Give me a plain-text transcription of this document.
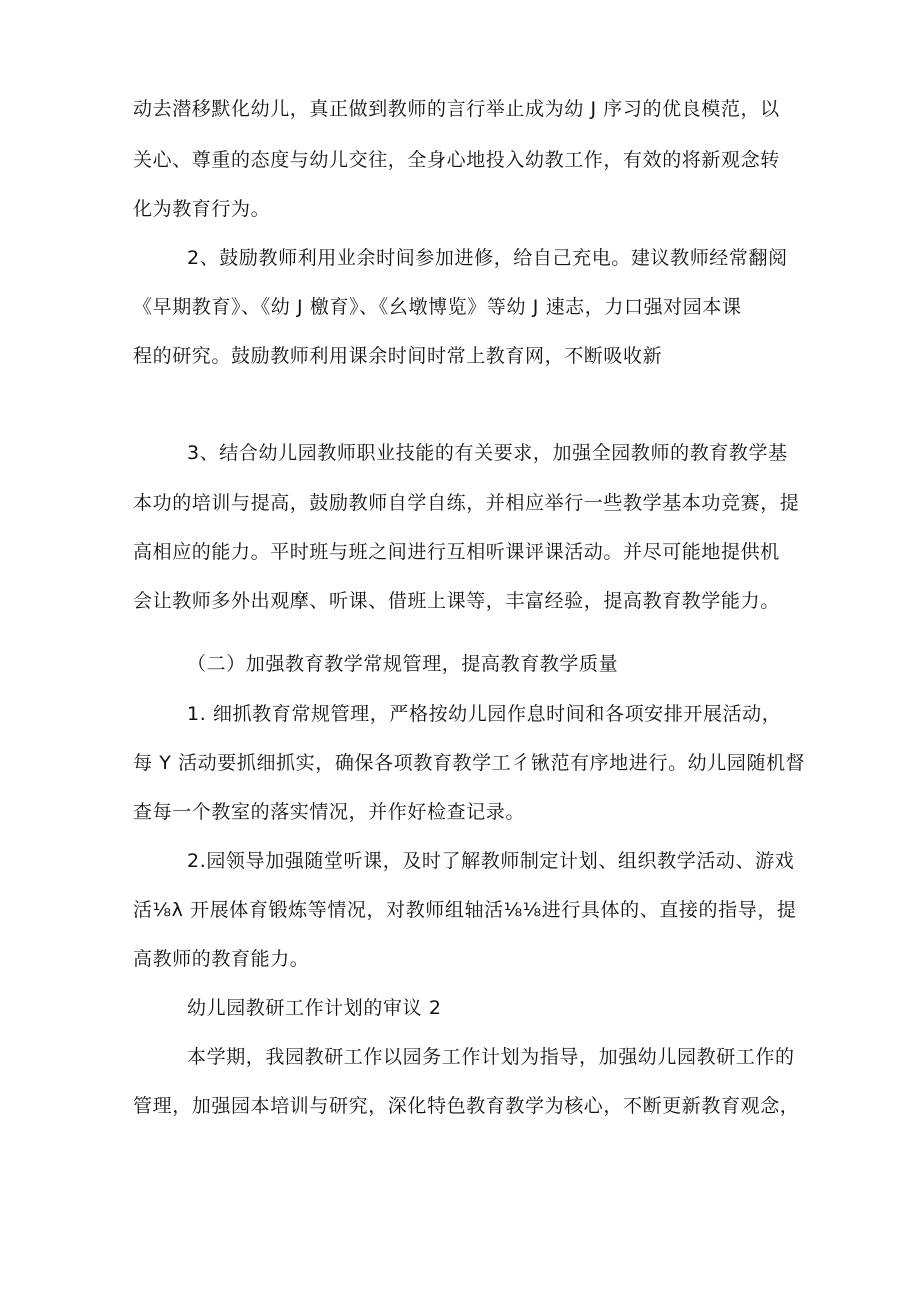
动去潜移默化幼儿，真正做到教师的言行举止成为幼 J 序习的优良模范，以
关心、尊重的态度与幼儿交往，全身心地投入幼教工作，有效的将新观念转
化为教育行为。
2、鼓励教师利用业余时间参加进修，给自己充电。建议教师经常翻阅
《早期教育》、《幼 J 檄育》、《幺墩博览》等幼 J 速志，力口强对园本课
程的研究。鼓励教师利用课余时间时常上教育网，不断吸收新
3、结合幼儿园教师职业技能的有关要求，加强全园教师的教育教学基
本功的培训与提高，鼓励教师自学自练，并相应举行一些教学基本功竞赛，提
高相应的能力。平时班与班之间进行互相听课评课活动。并尽可能地提供机
会让教师多外出观摩、听课、借班上课等，丰富经验，提高教育教学能力。
（二）加强教育教学常规管理，提高教育教学质量
1. 细抓教育常规管理，严格按幼儿园作息时间和各项安排开展活动，
每 Y 活动要抓细抓实，确保各项教育教学工彳锹范有序地进行。幼儿园随机督
查每一个教室的落实情况，并作好检查记录。
2.园领导加强随堂听课，及时了解教师制定计划、组织教学活动、游戏
活⅛λ 开展体育锻炼等情况，对教师组轴活⅛⅛进行具体的、直接的指导，提
高教师的教育能力。
幼儿园教研工作计划的审议 2
本学期，我园教研工作以园务工作计划为指导，加强幼儿园教研工作的
管理，加强园本培训与研究，深化特色教育教学为核心，不断更新教育观念，
